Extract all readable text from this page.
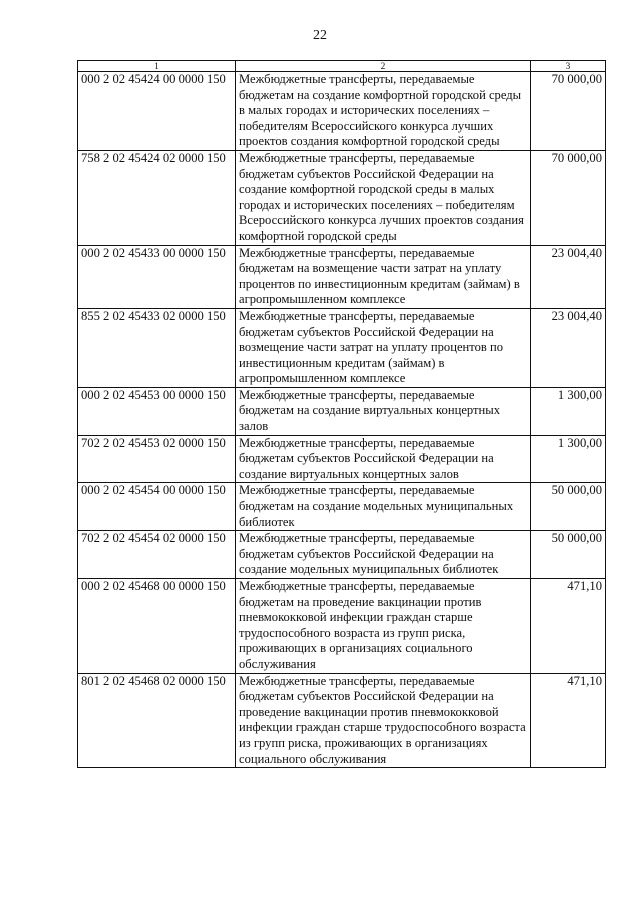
22
1	2	3
000 2 02 45424 00 0000 150	Межбюджетные трансферты, передаваемые бюджетам на создание комфортной городской среды в малых городах и исторических поселениях – победителям Всероссийского конкурса лучших проектов создания комфортной городской среды	70 000,00
758 2 02 45424 02 0000 150	Межбюджетные трансферты, передаваемые бюджетам субъектов Российской Федерации на создание комфортной городской среды в малых городах и исторических поселениях – победителям Всероссийского конкурса лучших проектов создания комфортной городской среды	70 000,00
000 2 02 45433 00 0000 150	Межбюджетные трансферты, передаваемые бюджетам на возмещение части затрат на уплату процентов по инвестиционным кредитам (займам) в агропромышленном комплексе	23 004,40
855 2 02 45433 02 0000 150	Межбюджетные трансферты, передаваемые бюджетам субъектов Российской Федерации на возмещение части затрат на уплату процентов по инвестиционным кредитам (займам) в агропромышленном комплексе	23 004,40
000 2 02 45453 00 0000 150	Межбюджетные трансферты, передаваемые бюджетам на создание виртуальных концертных залов	1 300,00
702 2 02 45453 02 0000 150	Межбюджетные трансферты, передаваемые бюджетам субъектов Российской Федерации на создание виртуальных концертных залов	1 300,00
000 2 02 45454 00 0000 150	Межбюджетные трансферты, передаваемые бюджетам на создание модельных муниципальных библиотек	50 000,00
702 2 02 45454 02 0000 150	Межбюджетные трансферты, передаваемые бюджетам субъектов Российской Федерации на создание модельных муниципальных библиотек	50 000,00
000 2 02 45468 00 0000 150	Межбюджетные трансферты, передаваемые бюджетам на проведение вакцинации против пневмококковой инфекции граждан старше трудоспособного возраста из групп риска, проживающих в организациях социального обслуживания	471,10
801 2 02 45468 02 0000 150	Межбюджетные трансферты, передаваемые бюджетам субъектов Российской Федерации на проведение вакцинации против пневмококковой инфекции граждан старше трудоспособного возраста из групп риска, проживающих в организациях социального обслуживания	471,10
